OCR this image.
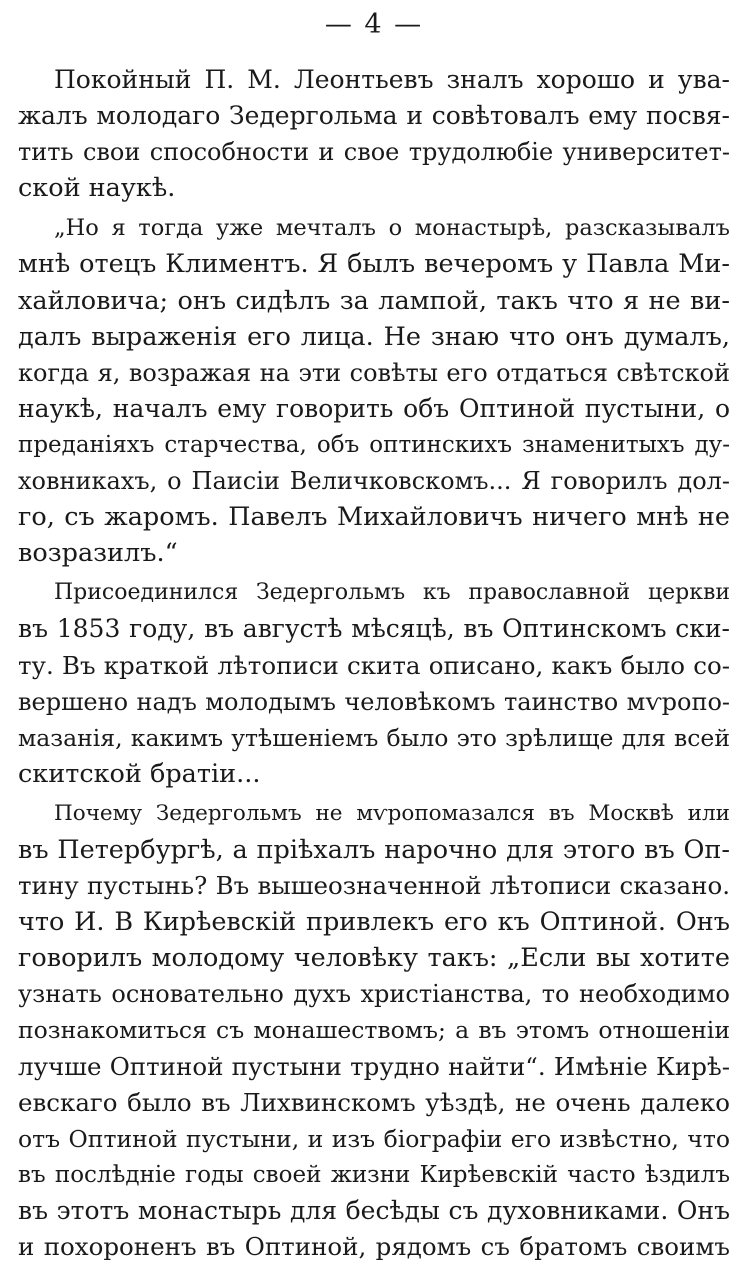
— 4 —
Покойный П. М. Леонтьевъ зналъ хорошо и ува-
жалъ молодаго Зедергольма и совѣтовалъ ему посвя-
тить свои способности и свое трудолюбіе университет-
ской наукѣ.
„Но я тогда уже мечталъ о монастырѣ, разсказывалъ
мнѣ отецъ Климентъ. Я былъ вечеромъ у Павла Ми-
хайловича; онъ сидѣлъ за лампой, такъ что я не ви-
далъ выраженія его лица. Не знаю что онъ думалъ,
когда я, возражая на эти совѣты его отдаться свѣтской
наукѣ, началъ ему говорить объ Оптиной пустыни, о
преданіяхъ старчества, объ оптинскихъ знаменитыхъ ду-
ховникахъ, о Паисіи Величковскомъ... Я говорилъ дол-
го, съ жаромъ. Павелъ Михайловичъ ничего мнѣ не
возразилъ.“
Присоединился Зедергольмъ къ православной церкви
въ 1853 году, въ августѣ мѣсяцѣ, въ Оптинскомъ ски-
ту. Въ краткой лѣтописи скита описано, какъ было со-
вершено надъ молодымъ человѣкомъ таинство мѵропо-
мазанія, какимъ утѣшеніемъ было это зрѣлище для всей
скитской братіи...
Почему Зедергольмъ не мѵропомазался въ Москвѣ или
въ Петербургѣ, а пріѣхалъ нарочно для этого въ Оп-
тину пустынь? Въ вышеозначенной лѣтописи сказано.
что И. В Кирѣевскій привлекъ его къ Оптиной. Онъ
говорилъ молодому человѣку такъ: „Если вы хотите
узнать основательно духъ христіанства, то необходимо
познакомиться съ монашествомъ; а въ этомъ отношеніи
лучше Оптиной пустыни трудно найти“. Имѣніе Кирѣ-
евскаго было въ Лихвинскомъ уѣздѣ, не очень далеко
отъ Оптиной пустыни, и изъ біографіи его извѣстно, что
въ послѣдніе годы своей жизни Кирѣевскій часто ѣздилъ
въ этотъ монастырь для бесѣды съ духовниками. Онъ
и похороненъ въ Оптиной, рядомъ съ братомъ своимъ
